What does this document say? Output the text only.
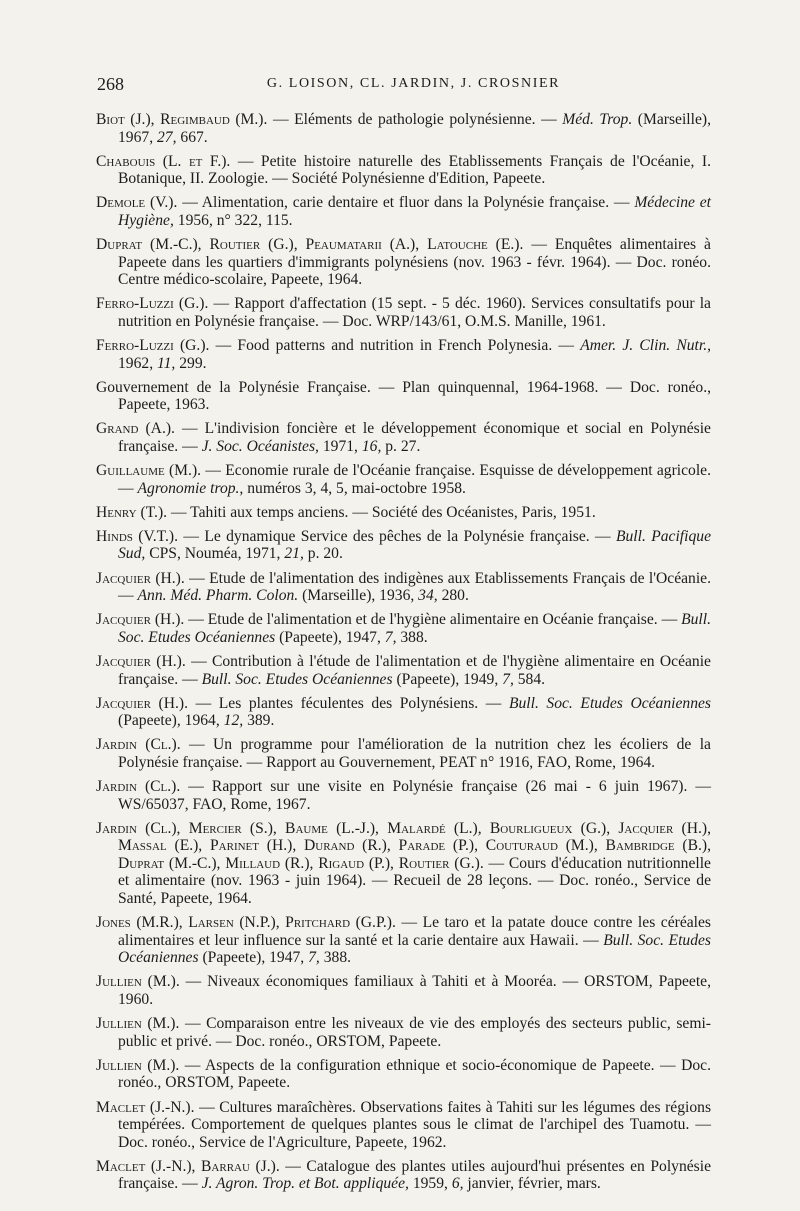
268	G. LOISON, CL. JARDIN, J. CROSNIER

Biot (J.), Regimbaud (M.). — Eléments de pathologie polynésienne. — Méd. Trop. (Marseille), 1967, 27, 667.

Chabouis (L. et F.). — Petite histoire naturelle des Etablissements Français de l'Océanie, I. Botanique, II. Zoologie. — Société Polynésienne d'Edition, Papeete.

Demole (V.). — Alimentation, carie dentaire et fluor dans la Polynésie française. — Médecine et Hygiène, 1956, n° 322, 115.

Duprat (M.-C.), Routier (G.), Peaumatarii (A.), Latouche (E.). — Enquêtes alimentaires à Papeete dans les quartiers d'immigrants polynésiens (nov. 1963 - févr. 1964). — Doc. ronéo. Centre médico-scolaire, Papeete, 1964.

Ferro-Luzzi (G.). — Rapport d'affectation (15 sept. - 5 déc. 1960). Services consultatifs pour la nutrition en Polynésie française. — Doc. WRP/143/61, O.M.S. Manille, 1961.

Ferro-Luzzi (G.). — Food patterns and nutrition in French Polynesia. — Amer. J. Clin. Nutr., 1962, 11, 299.

Gouvernement de la Polynésie Française. — Plan quinquennal, 1964-1968. — Doc. ronéo., Papeete, 1963.

Grand (A.). — L'indivision foncière et le développement économique et social en Polynésie française. — J. Soc. Océanistes, 1971, 16, p. 27.

Guillaume (M.). — Economie rurale de l'Océanie française. Esquisse de développement agricole. — Agronomie trop., numéros 3, 4, 5, mai-octobre 1958.

Henry (T.). — Tahiti aux temps anciens. — Société des Océanistes, Paris, 1951.

Hinds (V.T.). — Le dynamique Service des pêches de la Polynésie française. — Bull. Pacifique Sud, CPS, Nouméa, 1971, 21, p. 20.

Jacquier (H.). — Etude de l'alimentation des indigènes aux Etablissements Français de l'Océanie. — Ann. Méd. Pharm. Colon. (Marseille), 1936, 34, 280.

Jacquier (H.). — Etude de l'alimentation et de l'hygiène alimentaire en Océanie française. — Bull. Soc. Etudes Océaniennes (Papeete), 1947, 7, 388.

Jacquier (H.). — Contribution à l'étude de l'alimentation et de l'hygiène alimentaire en Océanie française. — Bull. Soc. Etudes Océaniennes (Papeete), 1949, 7, 584.

Jacquier (H.). — Les plantes féculentes des Polynésiens. — Bull. Soc. Etudes Océaniennes (Papeete), 1964, 12, 389.

Jardin (Cl.). — Un programme pour l'amélioration de la nutrition chez les écoliers de la Polynésie française. — Rapport au Gouvernement, PEAT n° 1916, FAO, Rome, 1964.

Jardin (Cl.). — Rapport sur une visite en Polynésie française (26 mai - 6 juin 1967). — WS/65037, FAO, Rome, 1967.

Jardin (Cl.), Mercier (S.), Baume (L.-J.), Malardé (L.), Bourligueux (G.), Jacquier (H.), Massal (E.), Parinet (H.), Durand (R.), Parade (P.), Couturaud (M.), Bambridge (B.), Duprat (M.-C.), Millaud (R.), Rigaud (P.), Routier (G.). — Cours d'éducation nutritionnelle et alimentaire (nov. 1963 - juin 1964). — Recueil de 28 leçons. — Doc. ronéo., Service de Santé, Papeete, 1964.

Jones (M.R.), Larsen (N.P.), Pritchard (G.P.). — Le taro et la patate douce contre les céréales alimentaires et leur influence sur la santé et la carie dentaire aux Hawaii. — Bull. Soc. Etudes Océaniennes (Papeete), 1947, 7, 388.

Jullien (M.). — Niveaux économiques familiaux à Tahiti et à Mooréa. — ORSTOM, Papeete, 1960.

Jullien (M.). — Comparaison entre les niveaux de vie des employés des secteurs public, semi-public et privé. — Doc. ronéo., ORSTOM, Papeete.

Jullien (M.). — Aspects de la configuration ethnique et socio-économique de Papeete. — Doc. ronéo., ORSTOM, Papeete.

Maclet (J.-N.). — Cultures maraîchères. Observations faites à Tahiti sur les légumes des régions tempérées. Comportement de quelques plantes sous le climat de l'archipel des Tuamotu. — Doc. ronéo., Service de l'Agriculture, Papeete, 1962.

Maclet (J.-N.), Barrau (J.). — Catalogue des plantes utiles aujourd'hui présentes en Polynésie française. — J. Agron. Trop. et Bot. appliquée, 1959, 6, janvier, février, mars.
